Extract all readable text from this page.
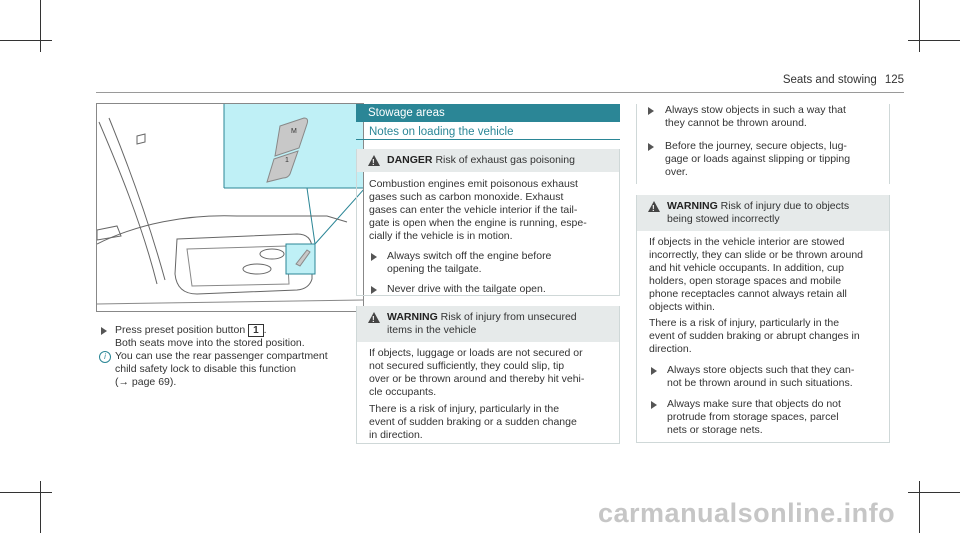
Seats and stowing 125
M
1
Press preset position button 1 .
Both seats move into the stored position.
i You can use the rear passenger compartment
child safety lock to disable this function
(→ page 69).
Stowage areas
Notes on loading the vehicle
!
DANGER Risk of exhaust gas poisoning
Combustion engines emit poisonous exhaust
gases such as carbon monoxide. Exhaust
gases can enter the vehicle interior if the tail-
gate is open when the engine is running, espe-
cially if the vehicle is in motion.
Always switch off the engine before
opening the tailgate.
Never drive with the tailgate open.
!
WARNING Risk of injury from unsecured
items in the vehicle
If objects, luggage or loads are not secured or
not secured sufficiently, they could slip, tip
over or be thrown around and thereby hit vehi-
cle occupants.
There is a risk of injury, particularly in the
event of sudden braking or a sudden change
in direction.
Always stow objects in such a way that
they cannot be thrown around.
Before the journey, secure objects, lug-
gage or loads against slipping or tipping
over.
!
WARNING Risk of injury due to objects
being stowed incorrectly
If objects in the vehicle interior are stowed
incorrectly, they can slide or be thrown around
and hit vehicle occupants. In addition, cup
holders, open storage spaces and mobile
phone receptacles cannot always retain all
objects within.
There is a risk of injury, particularly in the
event of sudden braking or abrupt changes in
direction.
Always store objects such that they can-
not be thrown around in such situations.
Always make sure that objects do not
protrude from storage spaces, parcel
nets or storage nets.
carmanualsonline.info
